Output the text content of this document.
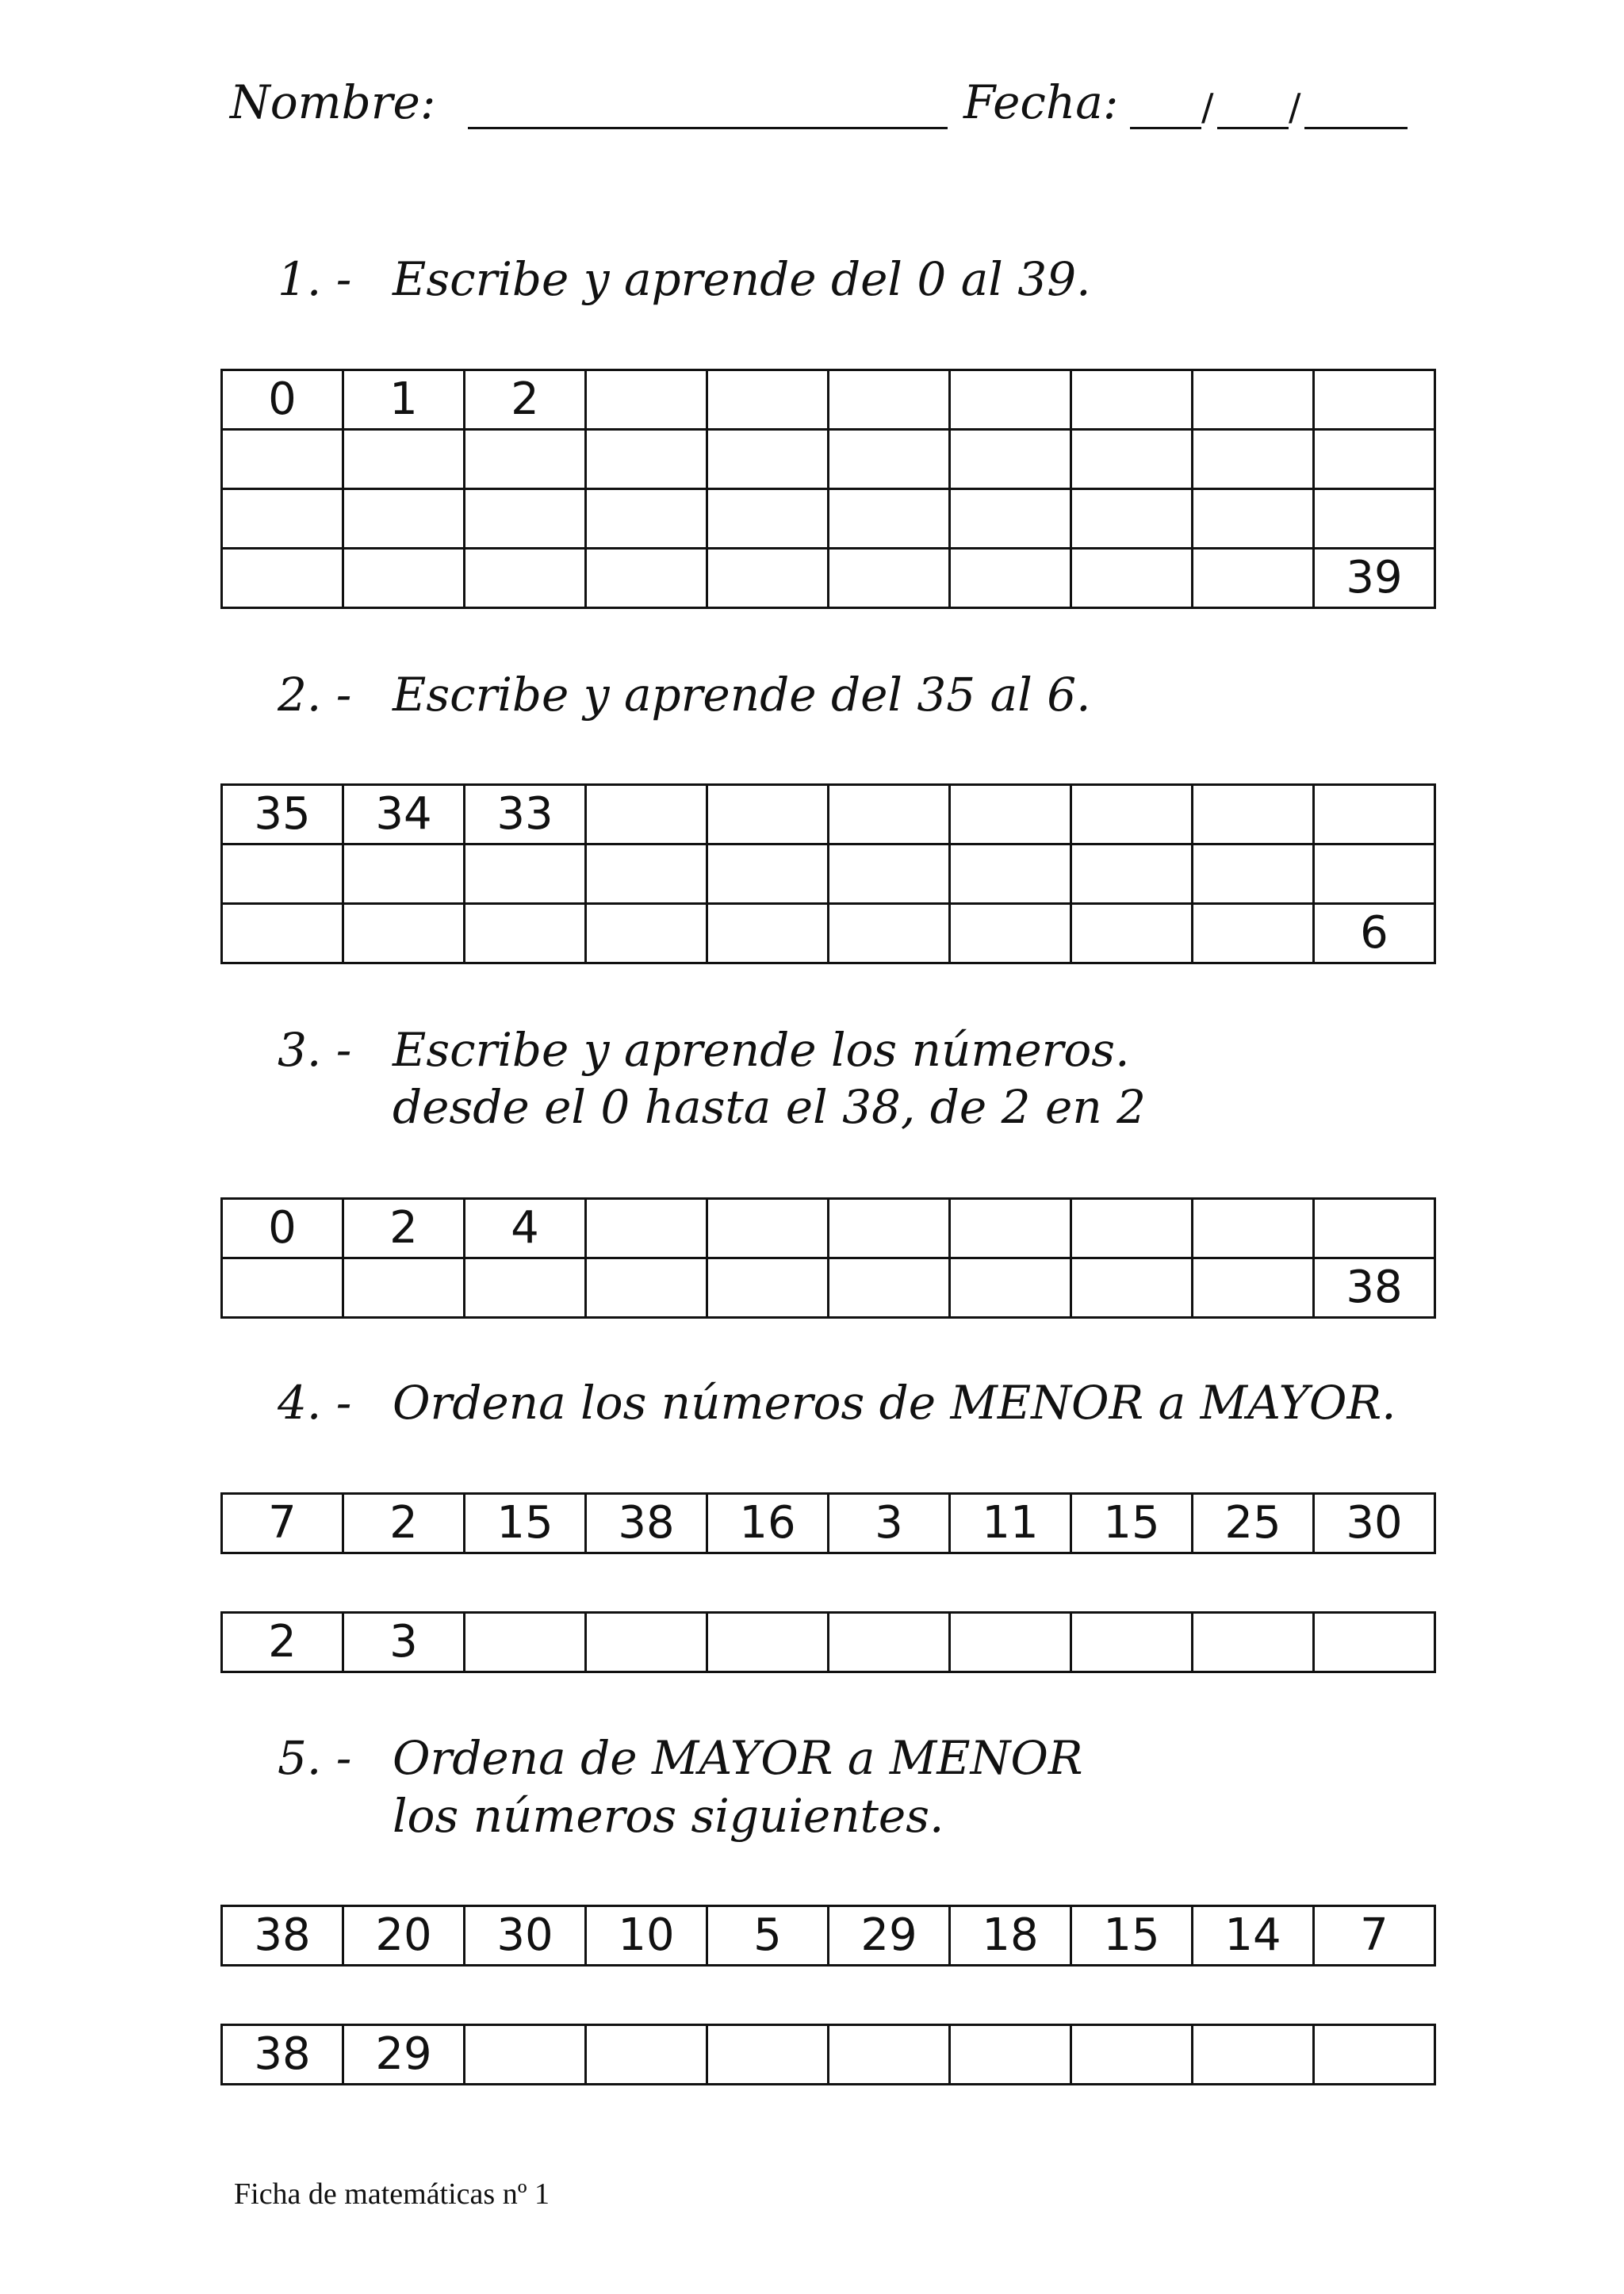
Nombre:	Fecha: / /
1. - Escribe y aprende del 0 al 39.
0	1	2							

									39
2. - Escribe y aprende del 35 al 6.
35	34	33							

									6
3. - Escribe y aprende los números.
desde el 0 hasta el 38, de 2 en 2
0	2	4							
									38
4. - Ordena los números de MENOR a MAYOR.
7	2	15	38	16	3	11	15	25	30
2	3								
5. - Ordena de MAYOR a MENOR
los números siguientes.
38	20	30	10	5	29	18	15	14	7
38	29								
Ficha de matemáticas nº 1
